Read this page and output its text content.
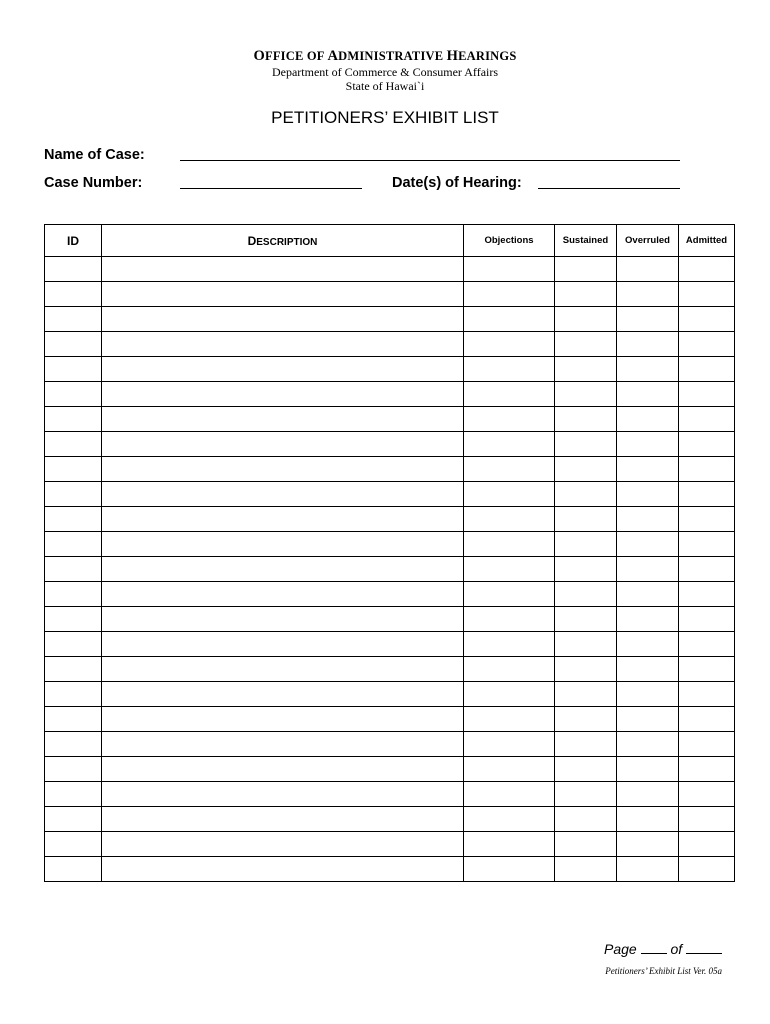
OFFICE OF ADMINISTRATIVE HEARINGS
Department of Commerce & Consumer Affairs
State of Hawai`i
PETITIONERS’ EXHIBIT LIST
Name of Case:
Case Number:	Date(s) of Hearing:
ID	DESCRIPTION	Objections	Sustained	Overruled	Admitted

Page of
Petitioners’ Exhibit List Ver. 05a
